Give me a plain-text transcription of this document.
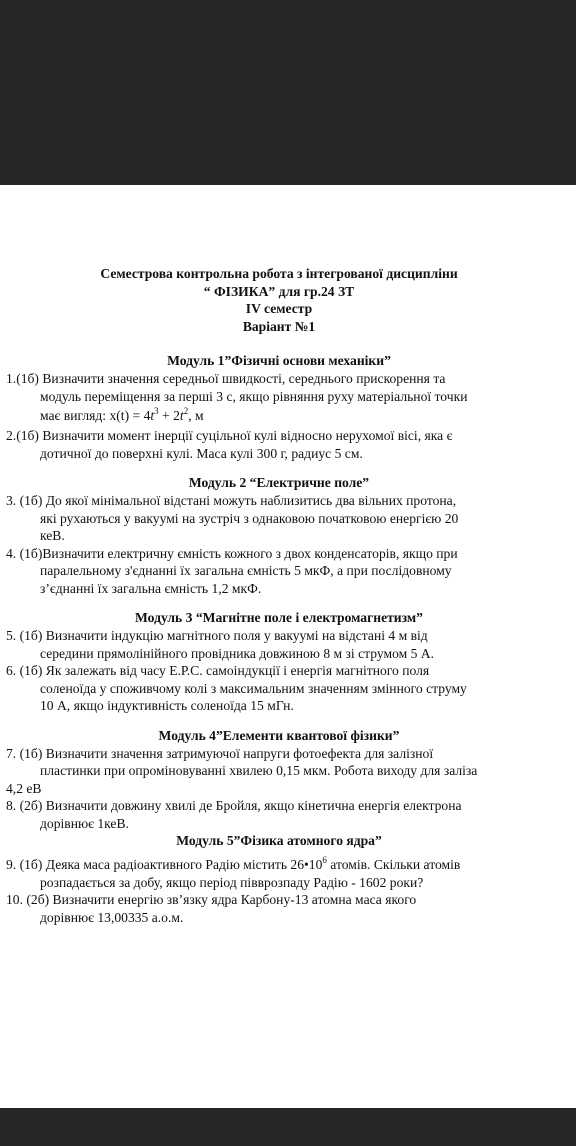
Семестрова контрольна робота з інтегрованої дисципліни
“ ФІЗИКА” для гр.24 ЗТ
IV семестр
Варіант №1
Модуль 1”Фізичні основи механіки”
1.(1б) Визначити значення середньої швидкості, середнього прискорення та
модуль переміщення за перші 3 с, якщо рівняння руху матеріальної точки
має вигляд: $x(t) = 4t^3 + 2t^2$, м
2.(1б) Визначити момент інерції суцільної кулі відносно нерухомої вісі, яка є
дотичної до поверхні кулі. Маса кулі 300 г, радиус 5 см.
Модуль 2 “Електричне поле”
3. (1б) До якої мінімальної відстані можуть наблизитись два вільних протона,
які рухаються у вакуумі на зустріч з однаковою початковою енергією 20
кеВ.
4. (1б)Визначити електричну ємність кожного з двох конденсаторів, якщо при
паралельному з'єднанні їх загальна ємність 5 мкФ, а при послідовному
з’єднанні їх загальна ємність 1,2 мкФ.
Модуль 3 “Магнітне поле і електромагнетизм”
5. (1б) Визначити індукцію магнітного поля у вакуумі на відстані 4 м від
середини прямолінійного провідника довжиною 8 м зі струмом 5 А.
6. (1б) Як залежать від часу Е.Р.С. самоіндукції і енергія магнітного поля
соленоїда у споживчому колі з максимальним значенням змінного струму
10 А, якщо індуктивність соленоїда 15 мГн.
Модуль 4”Елементи квантової фізики”
7. (1б) Визначити значення затримуючої напруги фотоефекта для залізної
пластинки при опроміновуванні хвилею 0,15 мкм. Робота виходу для заліза
4,2 еВ
8. (2б) Визначити довжину хвилі де Бройля, якщо кінетична енергія електрона
дорівнює 1кеВ.
Модуль 5”Фізика атомного ядра”
9. (1б) Деяка маса радіоактивного Радію містить $26•10^6$ атомів. Скільки атомів
розпадається за добу, якщо період півврозпаду Радію - 1602 роки?
10. (2б) Визначити енергію зв’язку ядра Карбону-13 атомна маса якого
дорівнює 13,00335 а.о.м.
